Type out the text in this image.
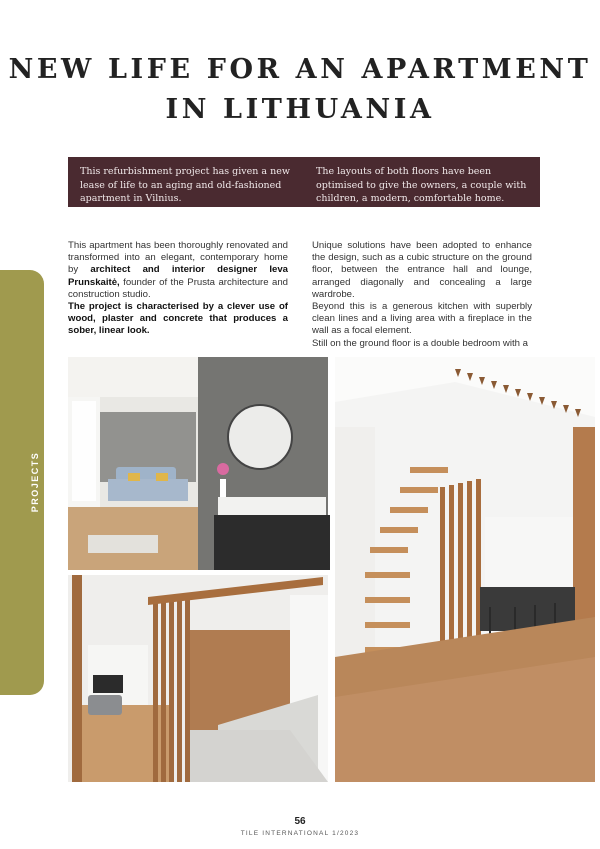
NEW LIFE FOR AN APARTMENT
IN LITHUANIA
This refurbishment project has given a new lease of life to an aging and old-fashioned apartment in Vilnius.
The layouts of both floors have been optimised to give the owners, a couple with children, a modern, comfortable home.
PROJECTS

This apartment has been thoroughly renovated and transformed into an elegant, contemporary home by architect and interior designer Ieva Prunskaitė, founder of the Prusta architecture and construction studio.

The project is characterised by a clever use of wood, plaster and concrete that produces a sober, linear look.

Unique solutions have been adopted to enhance the design, such as a cubic structure on the ground floor, between the entrance hall and lounge, arranged diagonally and concealing a large wardrobe.

Beyond this is a generous kitchen with superbly clean lines and a living area with a fireplace in the wall as a focal element.

Still on the ground floor is a double bedroom with a

56
TILE INTERNATIONAL 1/2023
